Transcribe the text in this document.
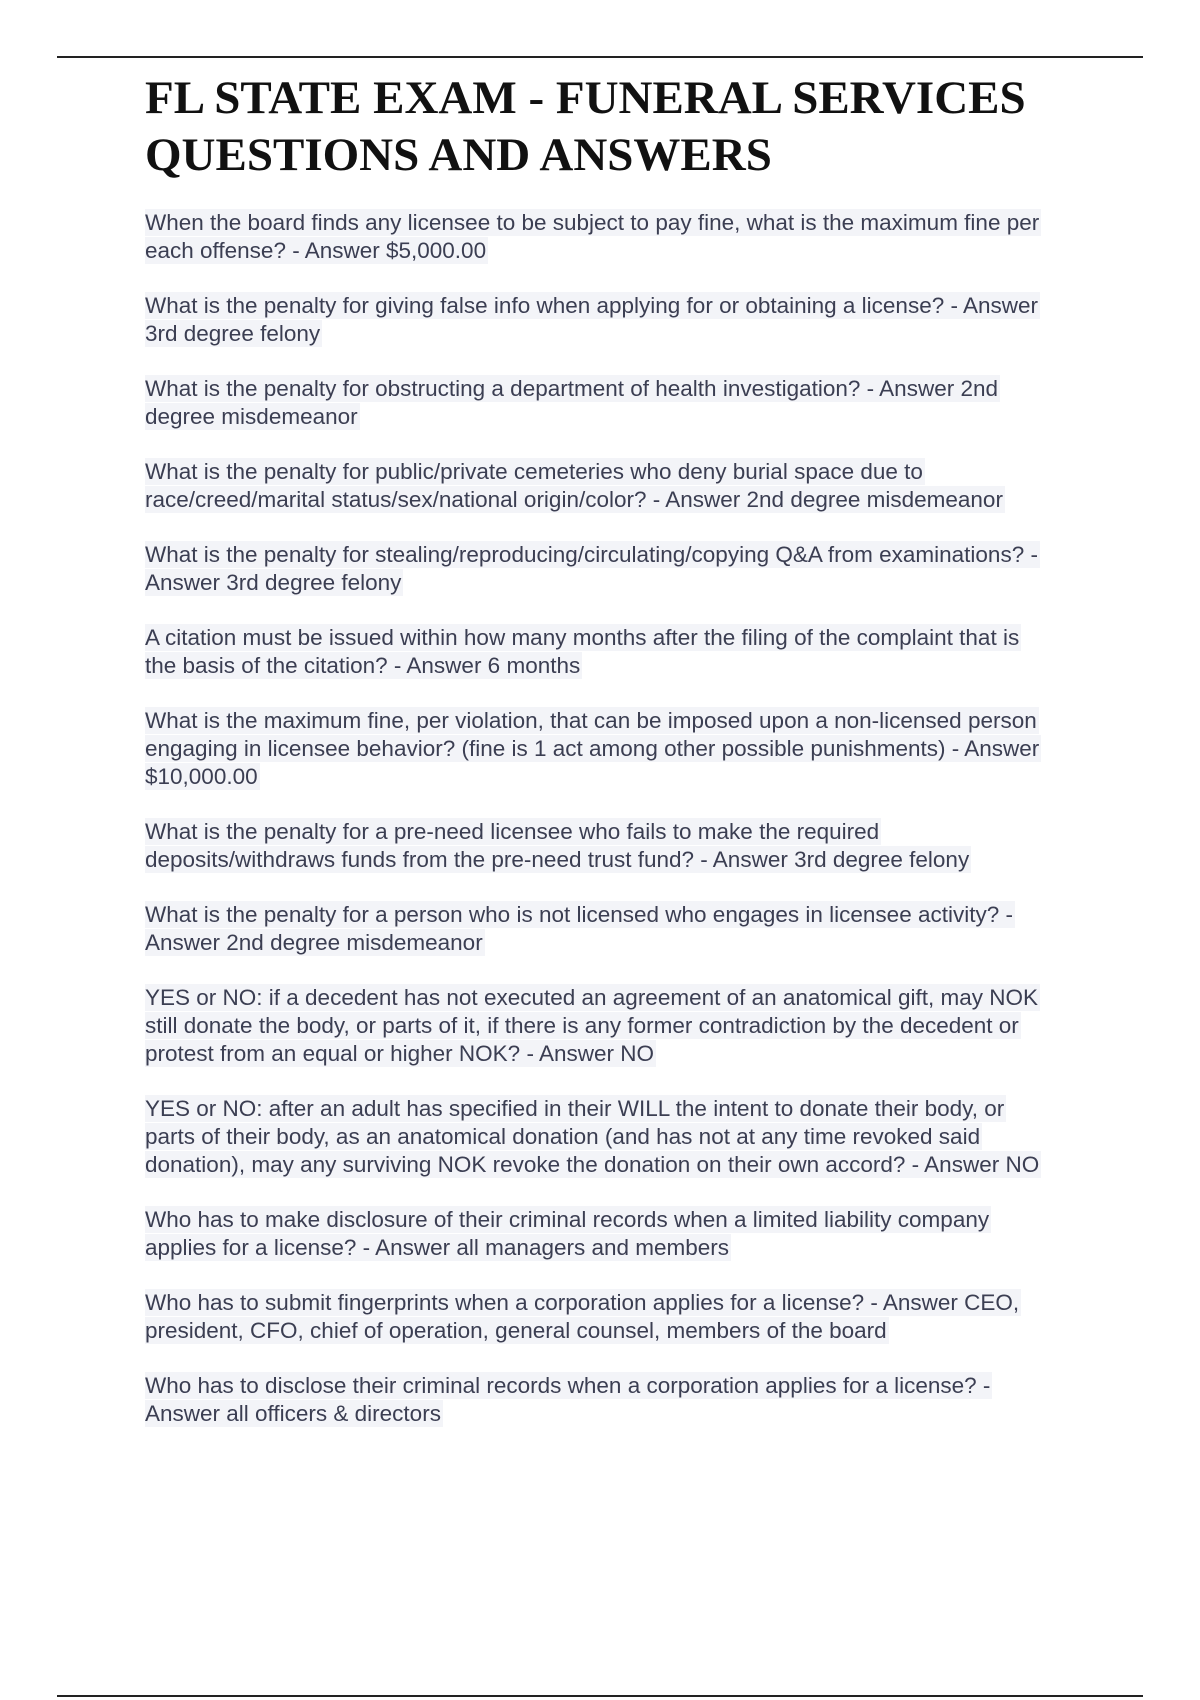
FL STATE EXAM - FUNERAL SERVICES
QUESTIONS AND ANSWERS
When the board finds any licensee to be subject to pay fine, what is the maximum fine per each offense? - Answer $5,000.00
What is the penalty for giving false info when applying for or obtaining a license? - Answer 3rd degree felony
What is the penalty for obstructing a department of health investigation? - Answer 2nd degree misdemeanor
What is the penalty for public/private cemeteries who deny burial space due to race/creed/marital status/sex/national origin/color? - Answer 2nd degree misdemeanor
What is the penalty for stealing/reproducing/circulating/copying Q&A from examinations? - Answer 3rd degree felony
A citation must be issued within how many months after the filing of the complaint that is the basis of the citation? - Answer 6 months
What is the maximum fine, per violation, that can be imposed upon a non-licensed person engaging in licensee behavior? (fine is 1 act among other possible punishments) - Answer $10,000.00
What is the penalty for a pre-need licensee who fails to make the required deposits/withdraws funds from the pre-need trust fund? - Answer 3rd degree felony
What is the penalty for a person who is not licensed who engages in licensee activity? - Answer 2nd degree misdemeanor
YES or NO: if a decedent has not executed an agreement of an anatomical gift, may NOK still donate the body, or parts of it, if there is any former contradiction by the decedent or protest from an equal or higher NOK? - Answer NO
YES or NO: after an adult has specified in their WILL the intent to donate their body, or parts of their body, as an anatomical donation (and has not at any time revoked said donation), may any surviving NOK revoke the donation on their own accord? - Answer NO
Who has to make disclosure of their criminal records when a limited liability company applies for a license? - Answer all managers and members
Who has to submit fingerprints when a corporation applies for a license? - Answer CEO, president, CFO, chief of operation, general counsel, members of the board
Who has to disclose their criminal records when a corporation applies for a license? - Answer all officers & directors
